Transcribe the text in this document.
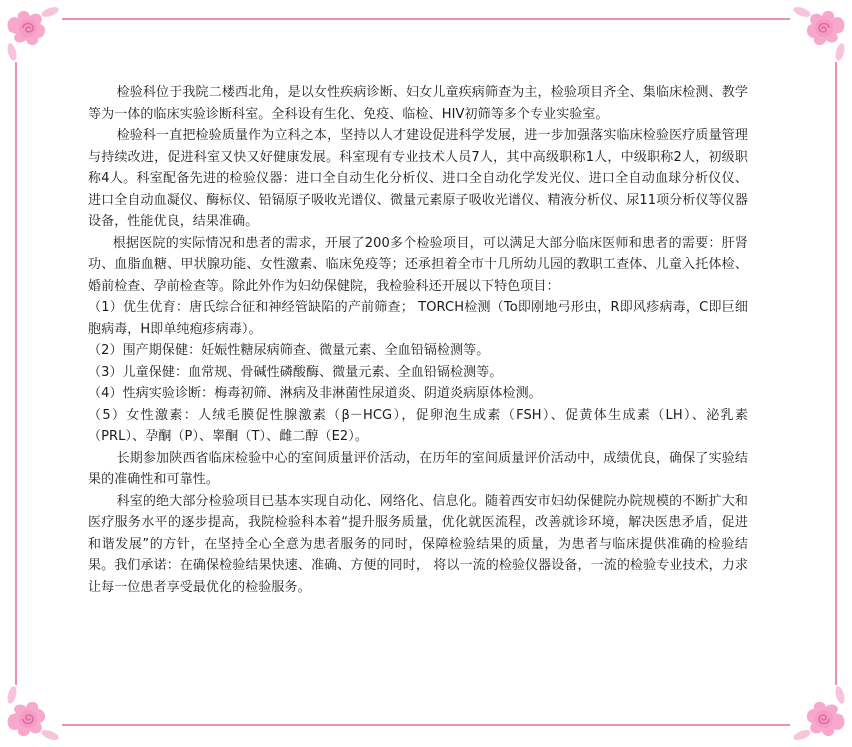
检验科位于我院二楼西北角，是以女性疾病诊断、妇女儿童疾病筛查为主，检验项目齐全、集临床检测、教学等为一体的临床实验诊断科室。全科设有生化、免疫、临检、HIV初筛等多个专业实验室。

检验科一直把检验质量作为立科之本，坚持以人才建设促进科学发展，进一步加强落实临床检验医疗质量管理与持续改进，促进科室又快又好健康发展。科室现有专业技术人员7人，其中高级职称1人，中级职称2人，初级职称4人。科室配备先进的检验仪器：进口全自动生化分析仪、进口全自动化学发光仪、进口全自动血球分析仪仪、进口全自动血凝仪、酶标仪、铅镉原子吸收光谱仪、微量元素原子吸收光谱仪、精液分析仪、尿11项分析仪等仪器设备，性能优良，结果准确。

根据医院的实际情况和患者的需求，开展了200多个检验项目，可以满足大部分临床医师和患者的需要：肝肾功、血脂血糖、甲状腺功能、女性激素、临床免疫等；还承担着全市十几所幼儿园的教职工查体、儿童入托体检、婚前检查、孕前检查等。除此外作为妇幼保健院，我检验科还开展以下特色项目：

（1）优生优育：唐氏综合征和神经管缺陷的产前筛查； TORCH检测（To即刚地弓形虫，R即风疹病毒，C即巨细胞病毒，H即单纯疱疹病毒）。

（2）围产期保健：妊娠性糖尿病筛查、微量元素、全血铅镉检测等。

（3）儿童保健：血常规、骨碱性磷酸酶、微量元素、全血铅镉检测等。

（4）性病实验诊断：梅毒初筛、淋病及非淋菌性尿道炎、阴道炎病原体检测。

（5）女性激素：人绒毛膜促性腺激素（β－HCG），促卵泡生成素（FSH）、促黄体生成素（LH）、泌乳素（PRL）、孕酮（P）、睾酮（T）、雌二醇（E2）。

长期参加陕西省临床检验中心的室间质量评价活动，在历年的室间质量评价活动中，成绩优良，确保了实验结果的准确性和可靠性。

科室的绝大部分检验项目已基本实现自动化、网络化、信息化。随着西安市妇幼保健院办院规模的不断扩大和医疗服务水平的逐步提高，我院检验科本着“提升服务质量，优化就医流程，改善就诊环境，解决医患矛盾，促进和谐发展”的方针，在坚持全心全意为患者服务的同时，保障检验结果的质量，为患者与临床提供准确的检验结果。我们承诺：在确保检验结果快速、准确、方便的同时， 将以一流的检验仪器设备，一流的检验专业技术，力求让每一位患者享受最优化的检验服务。
